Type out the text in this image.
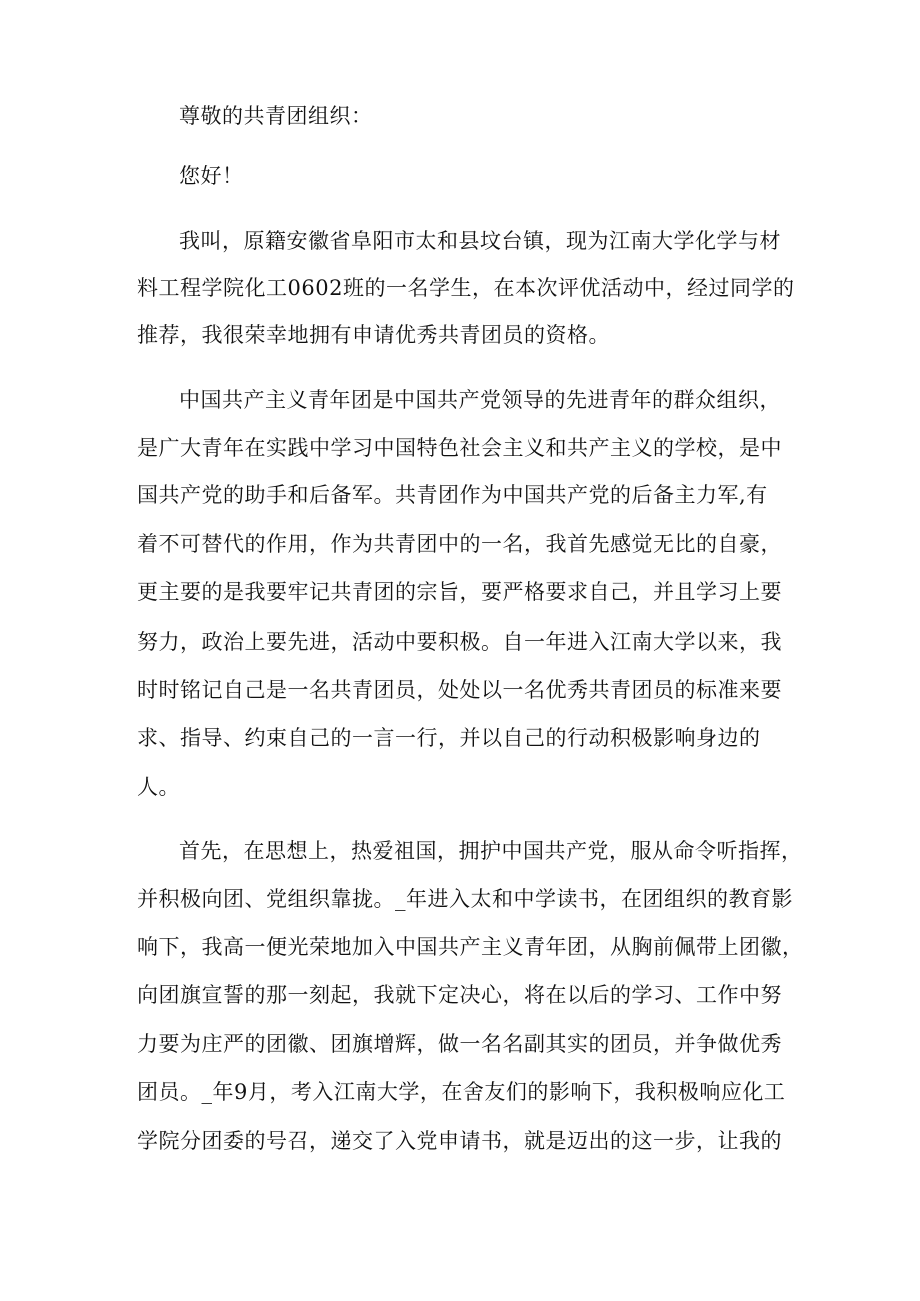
尊敬的共青团组织：
您好！
我叫，原籍安徽省阜阳市太和县坟台镇，现为江南大学化学与材
料工程学院化工0602班的一名学生，在本次评优活动中，经过同学的
推荐，我很荣幸地拥有申请优秀共青团员的资格。
中国共产主义青年团是中国共产党领导的先进青年的群众组织，
是广大青年在实践中学习中国特色社会主义和共产主义的学校，是中
国共产党的助手和后备军。共青团作为中国共产党的后备主力军,有
着不可替代的作用，作为共青团中的一名，我首先感觉无比的自豪，
更主要的是我要牢记共青团的宗旨，要严格要求自己，并且学习上要
努力，政治上要先进，活动中要积极。自一年进入江南大学以来，我
时时铭记自己是一名共青团员，处处以一名优秀共青团员的标准来要
求、指导、约束自己的一言一行，并以自己的行动积极影响身边的
人。
首先，在思想上，热爱祖国，拥护中国共产党，服从命令听指挥，
并积极向团、党组织靠拢。_年进入太和中学读书，在团组织的教育影
响下，我高一便光荣地加入中国共产主义青年团，从胸前佩带上团徽，
向团旗宣誓的那一刻起，我就下定决心，将在以后的学习、工作中努
力要为庄严的团徽、团旗增辉，做一名名副其实的团员，并争做优秀
团员。_年9月，考入江南大学，在舍友们的影响下，我积极响应化工
学院分团委的号召，递交了入党申请书，就是迈出的这一步，让我的
